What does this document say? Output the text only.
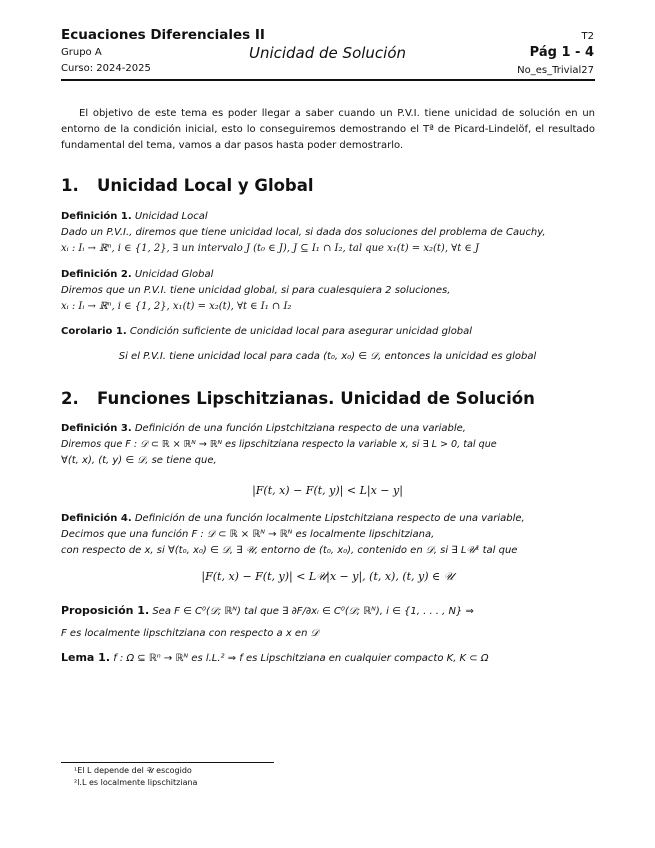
Ecuaciones Diferenciales II
Grupo A
Curso: 2024-2025
Unicidad de Solución
T2
Pág 1 - 4
No_es_Trivial27
El objetivo de este tema es poder llegar a saber cuando un P.V.I. tiene unicidad de solución en un entorno de la condición inicial, esto lo conseguiremos demostrando el Tª de Picard-Lindelöf, el resultado fundamental del tema, vamos a dar pasos hasta poder demostrarlo.
1. Unicidad Local y Global
Definición 1. Unicidad Local
Dado un P.V.I., diremos que tiene unicidad local, si dada dos soluciones del problema de Cauchy,
xᵢ : Iᵢ → ℝⁿ, i ∈ {1, 2}, ∃ un intervalo J (t₀ ∈ J), J ⊆ I₁ ∩ I₂, tal que x₁(t) = x₂(t), ∀t ∈ J
Definición 2. Unicidad Global
Diremos que un P.V.I. tiene unicidad global, si para cualesquiera 2 soluciones,
xᵢ : Iᵢ → ℝⁿ, i ∈ {1, 2}, x₁(t) = x₂(t), ∀t ∈ I₁ ∩ I₂
Corolario 1. Condición suficiente de unicidad local para asegurar unicidad global
Si el P.V.I. tiene unicidad local para cada (t₀, x₀) ∈ 𝒟, entonces la unicidad es global
2. Funciones Lipschitzianas. Unicidad de Solución
Definición 3. Definición de una función Lipstchitziana respecto de una variable,
Diremos que F : 𝒟 ⊂ ℝ × ℝᴺ → ℝᴺ es lipschitziana respecto la variable x, si ∃ L > 0, tal que
∀(t, x), (t, y) ∈ 𝒟, se tiene que,
|F(t, x) − F(t, y)| < L|x − y|
Definición 4. Definición de una función localmente Lipstchitziana respecto de una variable,
Decimos que una función F : 𝒟 ⊂ ℝ × ℝᴺ → ℝᴺ es localmente lipschitziana,
con respecto de x, si ∀(t₀, x₀) ∈ 𝒟, ∃ 𝒰, entorno de (t₀, x₀), contenido en 𝒟, si ∃ L𝒰¹ tal que
|F(t, x) − F(t, y)| < L𝒰|x − y|, (t, x), (t, y) ∈ 𝒰
Proposición 1. Sea F ∈ C⁰(𝒟; ℝᴺ) tal que ∃ ∂F/∂xᵢ ∈ C⁰(𝒟; ℝᴺ), i ∈ {1, . . . , N} ⇒
F es localmente lipschitziana con respecto a x en 𝒟
Lema 1. f : Ω ⊆ ℝⁿ → ℝᴺ es l.L.² ⇒ f es Lipschitziana en cualquier compacto K, K ⊂ Ω
¹El L depende del 𝒰 escogido
²l.L es localmente lipschitziana
